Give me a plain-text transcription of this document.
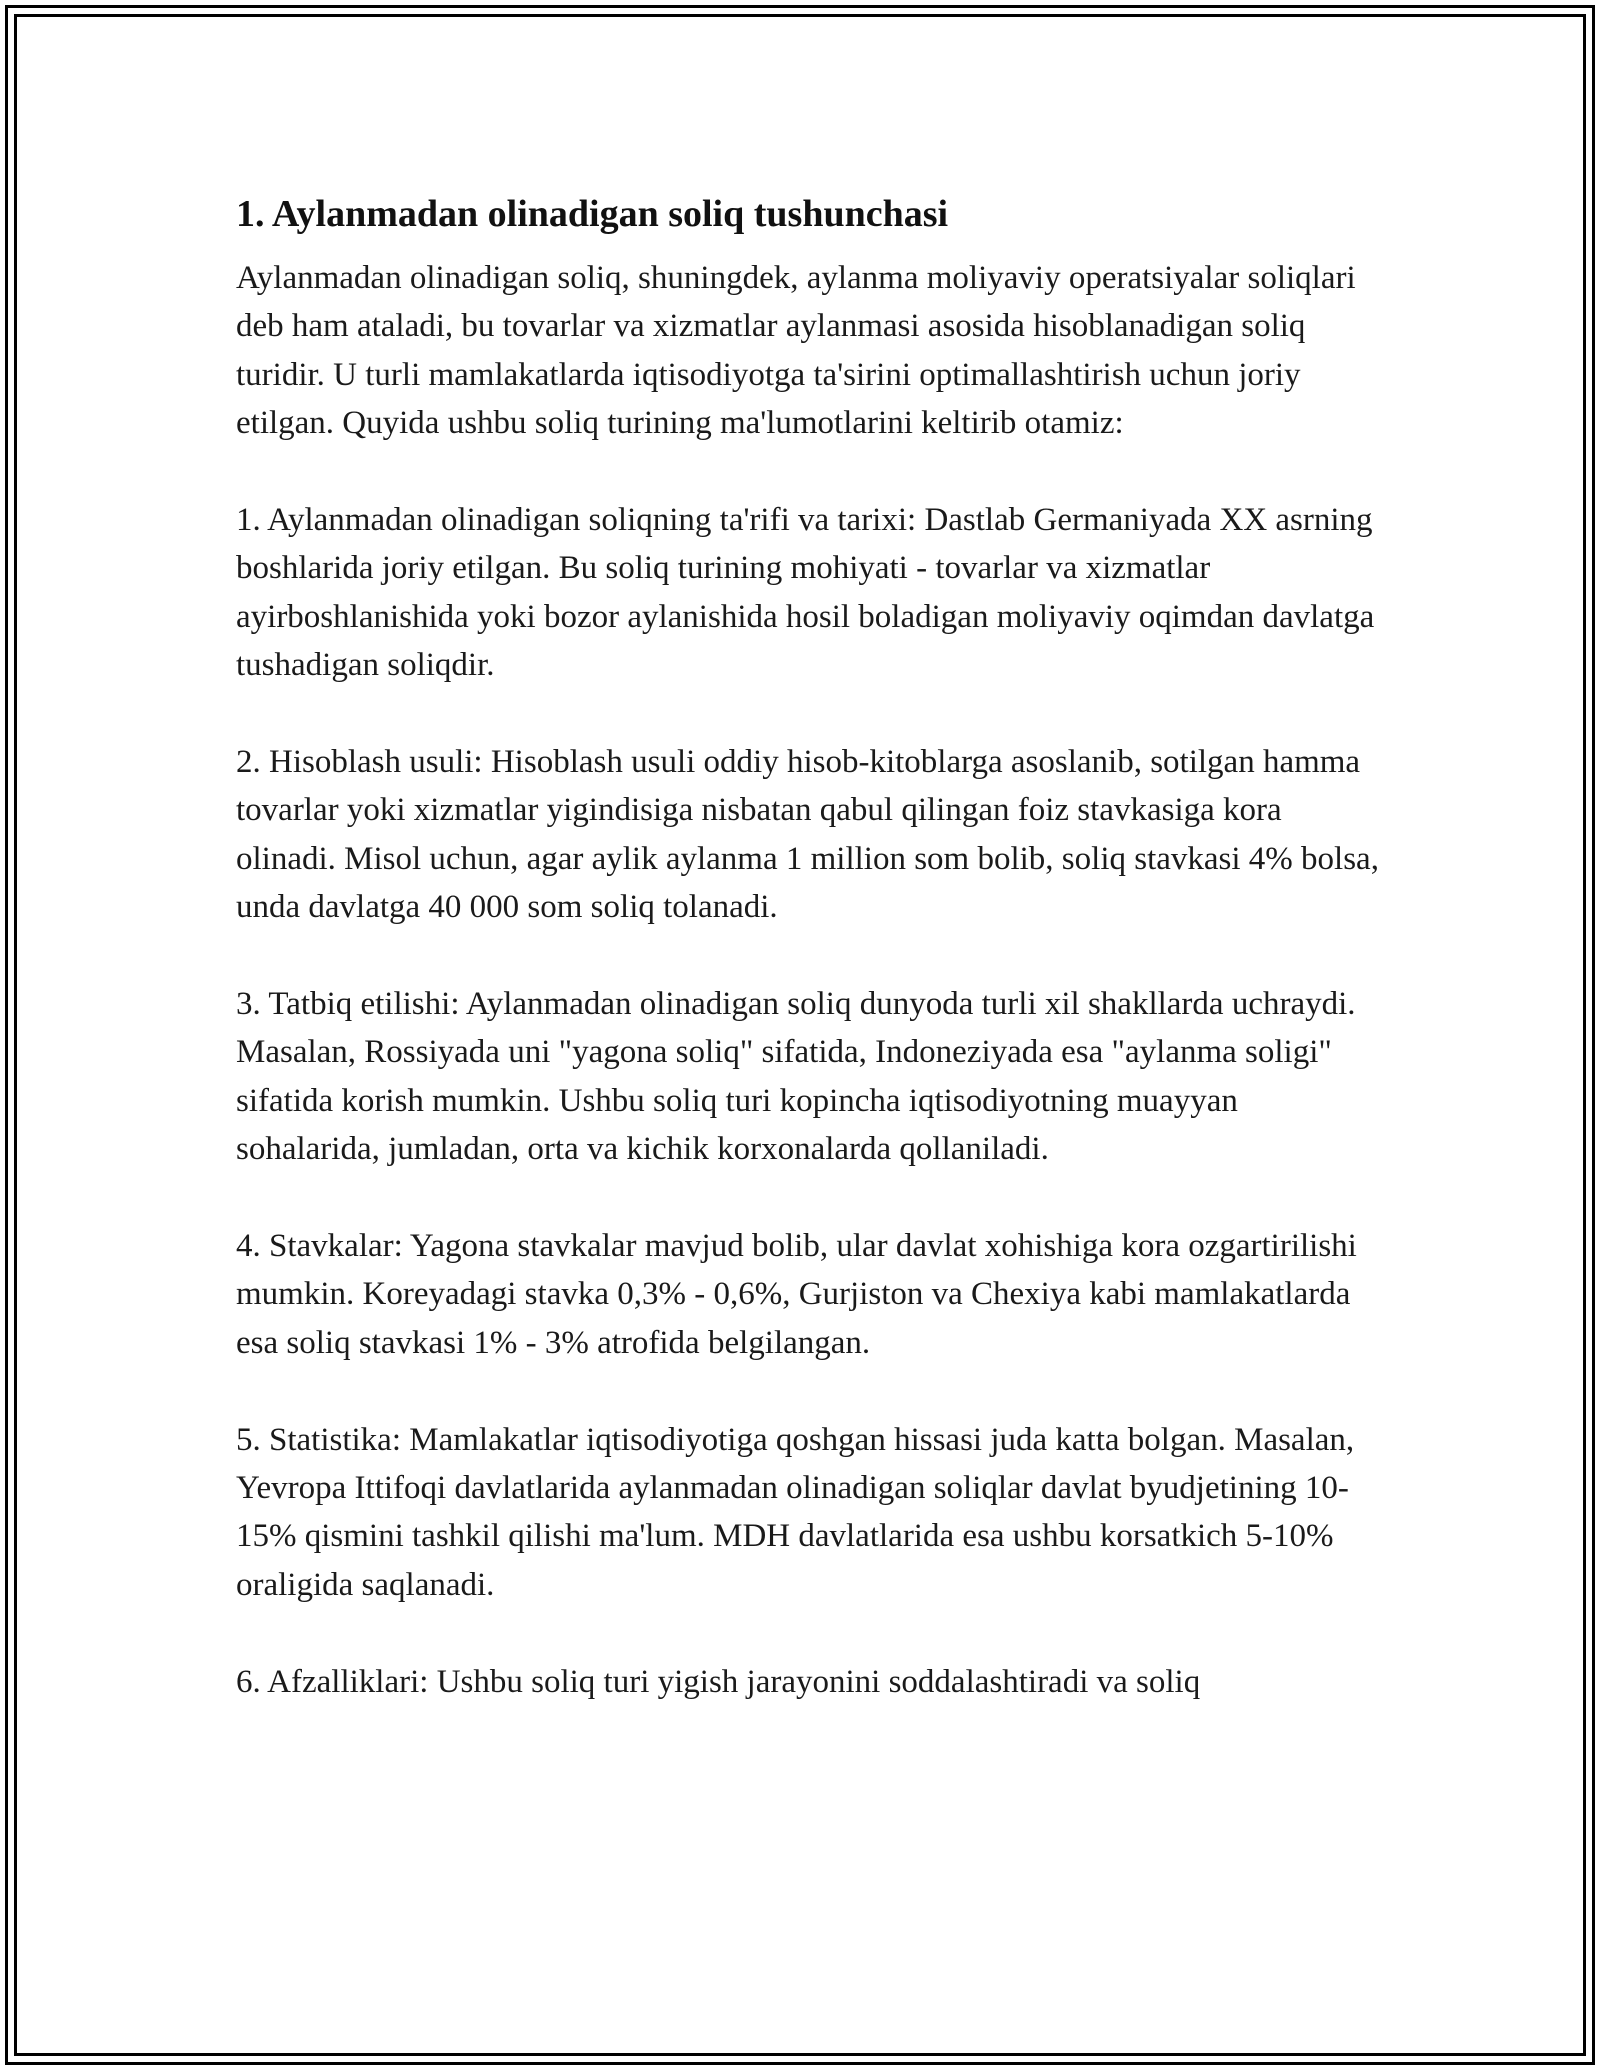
1. Aylanmadan olinadigan soliq tushunchasi

Aylanmadan olinadigan soliq, shuningdek, aylanma moliyaviy operatsiyalar soliqlari deb ham ataladi, bu tovarlar va xizmatlar aylanmasi asosida hisoblanadigan soliq turidir. U turli mamlakatlarda iqtisodiyotga ta'sirini optimallashtirish uchun joriy etilgan. Quyida ushbu soliq turining ma'lumotlarini keltirib otamiz:

1. Aylanmadan olinadigan soliqning ta'rifi va tarixi: Dastlab Germaniyada XX asrning boshlarida joriy etilgan. Bu soliq turining mohiyati - tovarlar va xizmatlar ayirboshlanishida yoki bozor aylanishida hosil boladigan moliyaviy oqimdan davlatga tushadigan soliqdir.

2. Hisoblash usuli: Hisoblash usuli oddiy hisob-kitoblarga asoslanib, sotilgan hamma tovarlar yoki xizmatlar yigindisiga nisbatan qabul qilingan foiz stavkasiga kora olinadi. Misol uchun, agar aylik aylanma 1 million som bolib, soliq stavkasi 4% bolsa, unda davlatga 40 000 som soliq tolanadi.

3. Tatbiq etilishi: Aylanmadan olinadigan soliq dunyoda turli xil shakllarda uchraydi. Masalan, Rossiyada uni "yagona soliq" sifatida, Indoneziyada esa "aylanma soligi" sifatida korish mumkin. Ushbu soliq turi kopincha iqtisodiyotning muayyan sohalarida, jumladan, orta va kichik korxonalarda qollaniladi.

4. Stavkalar: Yagona stavkalar mavjud bolib, ular davlat xohishiga kora ozgartirilishi mumkin. Koreyadagi stavka 0,3% - 0,6%, Gurjiston va Chexiya kabi mamlakatlarda esa soliq stavkasi 1% - 3% atrofida belgilangan.

5. Statistika: Mamlakatlar iqtisodiyotiga qoshgan hissasi juda katta bolgan. Masalan, Yevropa Ittifoqi davlatlarida aylanmadan olinadigan soliqlar davlat byudjetining 10-15% qismini tashkil qilishi ma'lum. MDH davlatlarida esa ushbu korsatkich 5-10% oraligida saqlanadi.

6. Afzalliklari: Ushbu soliq turi yigish jarayonini soddalashtiradi va soliq
